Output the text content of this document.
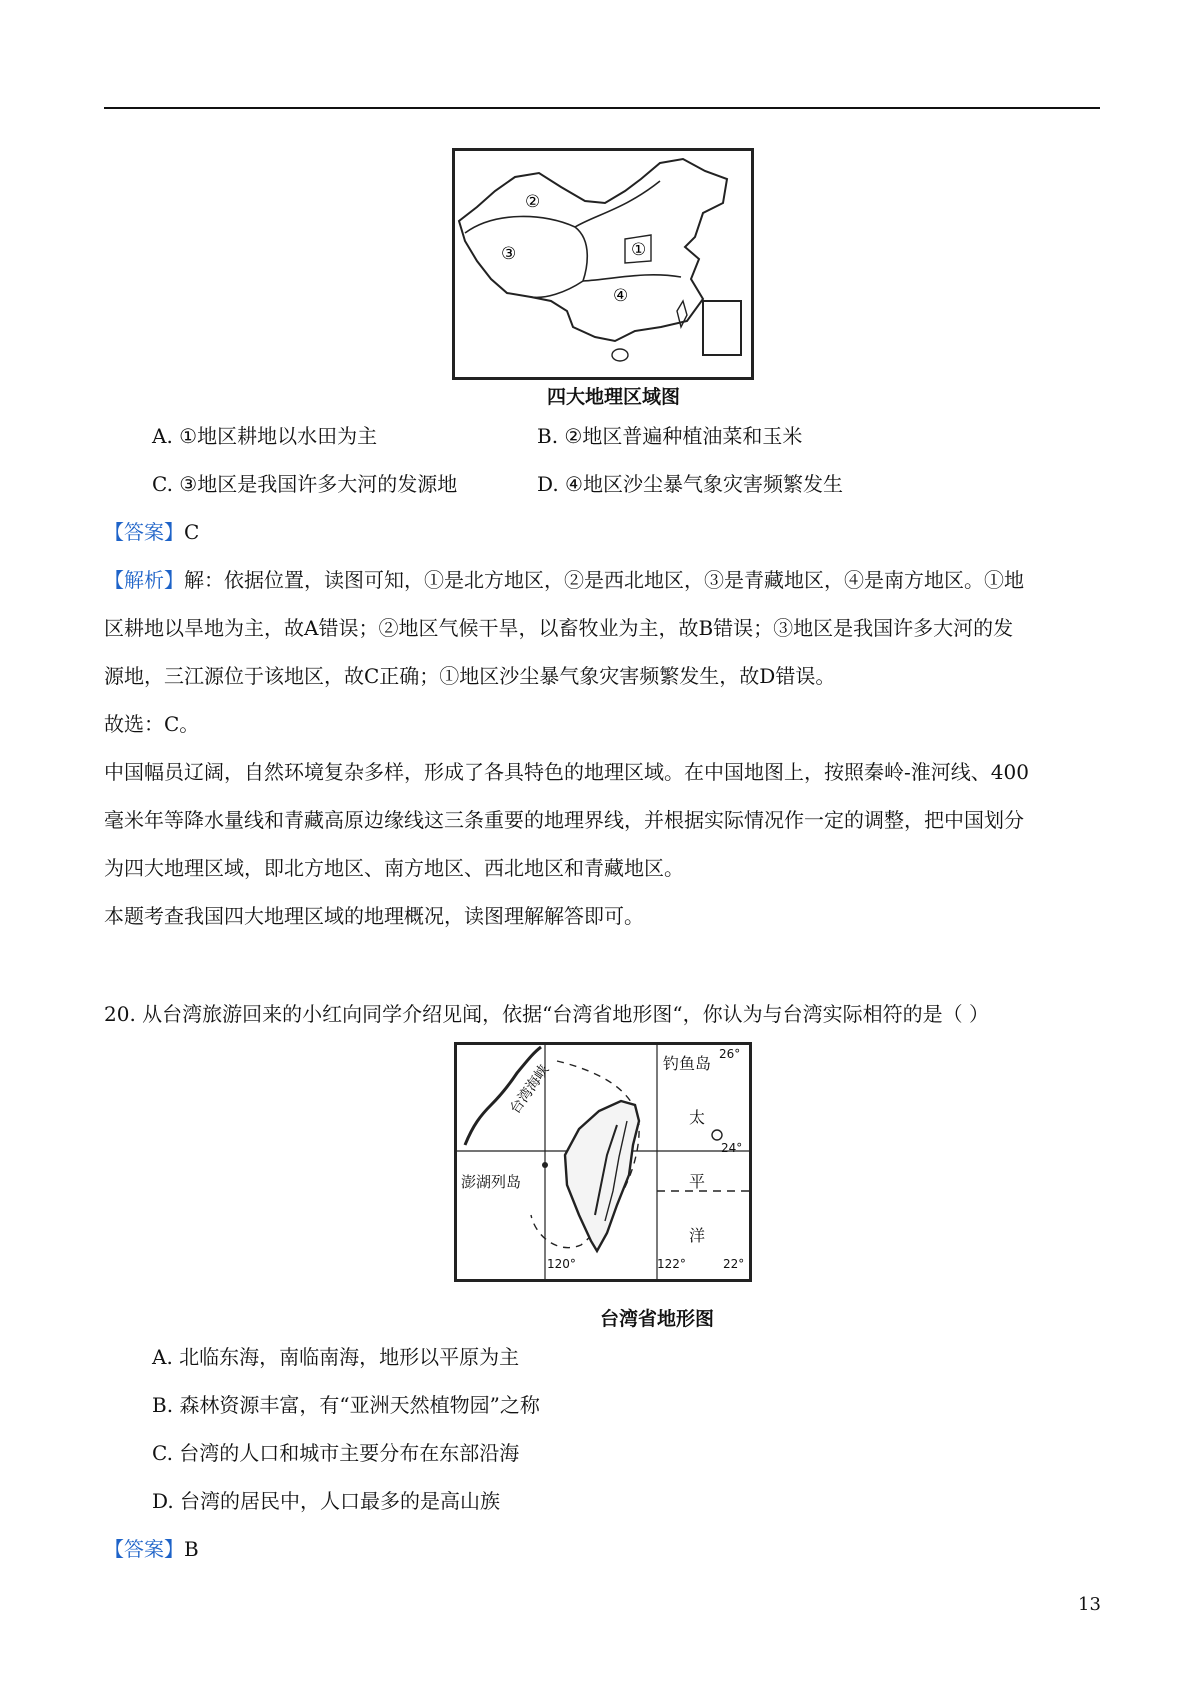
②
③	①
④
四大地理区域图
A. ①地区耕地以水田为主	B. ②地区普遍种植油菜和玉米
C. ③地区是我国许多大河的发源地	D. ④地区沙尘暴气象灾害频繁发生
【答案】C
【解析】解：依据位置，读图可知，①是北方地区，②是西北地区，③是青藏地区，④是南方地区。①地
区耕地以旱地为主，故A错误；②地区气候干旱，以畜牧业为主，故B错误；③地区是我国许多大河的发
源地，三江源位于该地区，故C正确；①地区沙尘暴气象灾害频繁发生，故D错误。
故选：C。
中国幅员辽阔，自然环境复杂多样，形成了各具特色的地理区域。在中国地图上，按照秦岭-淮河线、400
毫米年等降水量线和青藏高原边缘线这三条重要的地理界线，并根据实际情况作一定的调整，把中国划分
为四大地理区域，即北方地区、南方地区、西北地区和青藏地区。
本题考查我国四大地理区域的地理概况，读图理解解答即可。
20. 从台湾旅游回来的小红向同学介绍见闻，依据“台湾省地形图“，你认为与台湾实际相符的是（ ）
钓鱼岛 26°
台湾海峡
太
24°
平
澎湖列岛
洋
120°	122°	22°
台湾省地形图
A. 北临东海，南临南海，地形以平原为主
B. 森林资源丰富，有“亚洲天然植物园”之称
C. 台湾的人口和城市主要分布在东部沿海
D. 台湾的居民中，人口最多的是高山族
【答案】B
13
